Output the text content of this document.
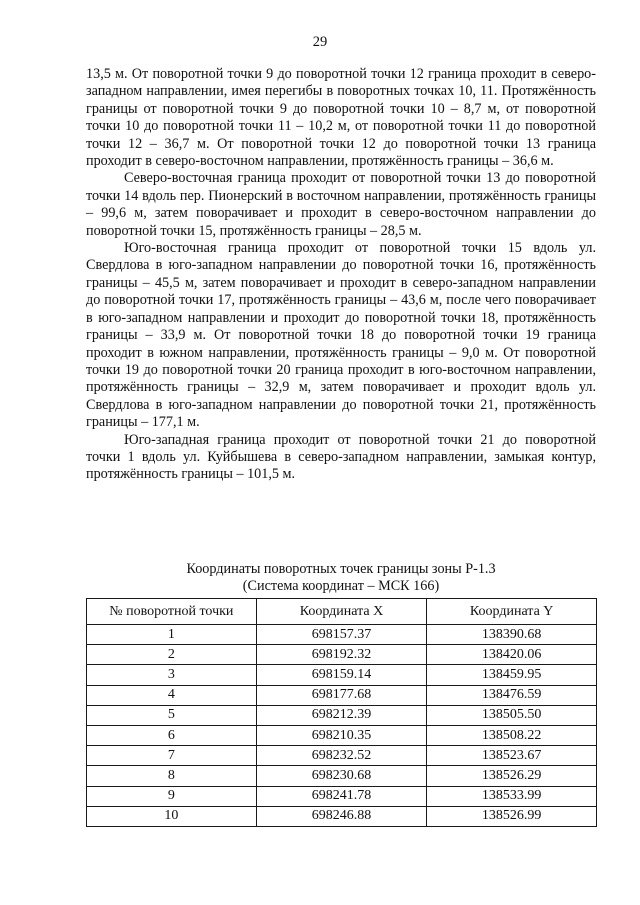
29

13,5 м. От поворотной точки 9 до поворотной точки 12 граница проходит в северо-западном направлении, имея перегибы в поворотных точках 10, 11. Протяжённость границы от поворотной точки 9 до поворотной точки 10 – 8,7 м, от поворотной точки 10 до поворотной точки 11 – 10,2 м, от поворотной точки 11 до поворотной точки 12 – 36,7 м. От поворотной точки 12 до поворотной точки 13 граница проходит в северо-восточном направлении, протяжённость границы – 36,6 м.

Северо-восточная граница проходит от поворотной точки 13 до поворотной точки 14 вдоль пер. Пионерский в восточном направлении, протяжённость границы – 99,6 м, затем поворачивает и проходит в северо-восточном направлении до поворотной точки 15, протяжённость границы – 28,5 м.

Юго-восточная граница проходит от поворотной точки 15 вдоль ул. Свердлова в юго-западном направлении до поворотной точки 16, протяжённость границы – 45,5 м, затем поворачивает и проходит в северо-западном направлении до поворотной точки 17, протяжённость границы – 43,6 м, после чего поворачивает в юго-западном направлении и проходит до поворотной точки 18, протяжённость границы – 33,9 м. От поворотной точки 18 до поворотной точки 19 граница проходит в южном направлении, протяжённость границы – 9,0 м. От поворотной точки 19 до поворотной точки 20 граница проходит в юго-восточном направлении, протяжённость границы – 32,9 м, затем поворачивает и проходит вдоль ул. Свердлова в юго-западном направлении до поворотной точки 21, протяжённость границы – 177,1 м.

Юго-западная граница проходит от поворотной точки 21 до поворотной точки 1 вдоль ул. Куйбышева в северо-западном направлении, замыкая контур, протяжённость границы – 101,5 м.

Координаты поворотных точек границы зоны Р-1.3
(Система координат – МСК 166)
№ поворотной точки	Координата X	Координата Y
1	698157.37	138390.68
2	698192.32	138420.06
3	698159.14	138459.95
4	698177.68	138476.59
5	698212.39	138505.50
6	698210.35	138508.22
7	698232.52	138523.67
8	698230.68	138526.29
9	698241.78	138533.99
10	698246.88	138526.99
